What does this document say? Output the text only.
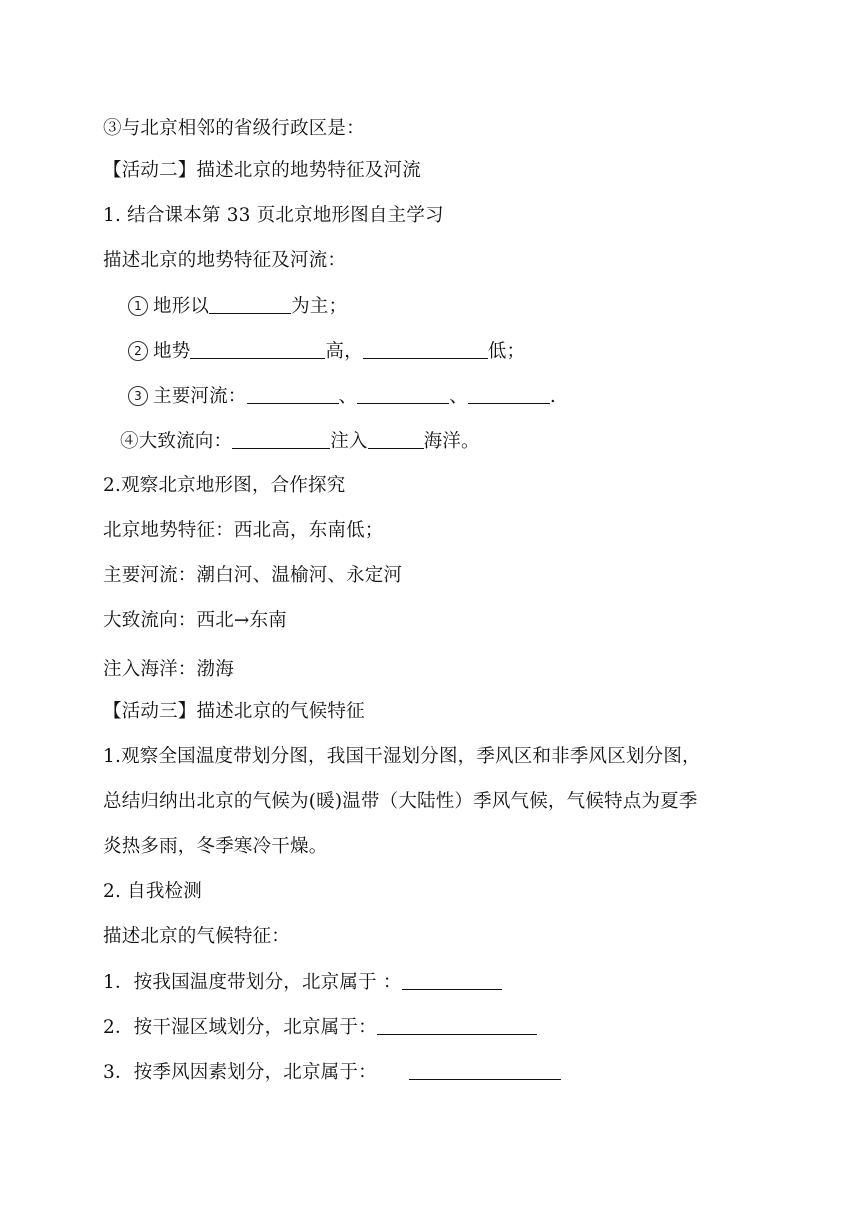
③与北京相邻的省级行政区是：
【活动二】描述北京的地势特征及河流
1. 结合课本第 33 页北京地形图自主学习
描述北京的地势特征及河流：
1 地形以	为主；
2 地势	高，	低；
3 主要河流：	、	、	.
④大致流向：	注入	海洋。
2.观察北京地形图，合作探究
北京地势特征：西北高，东南低；
主要河流：潮白河、温榆河、永定河
大致流向：西北→东南
注入海洋：渤海
【活动三】描述北京的气候特征
1.观察全国温度带划分图，我国干湿划分图，季风区和非季风区划分图，
总结归纳出北京的气候为(暖)温带（大陆性）季风气候，气候特点为夏季
炎热多雨，冬季寒冷干燥。
2. 自我检测
描述北京的气候特征：
1．按我国温度带划分，北京属于 ：
2．按干湿区域划分，北京属于：
3．按季风因素划分，北京属于：
